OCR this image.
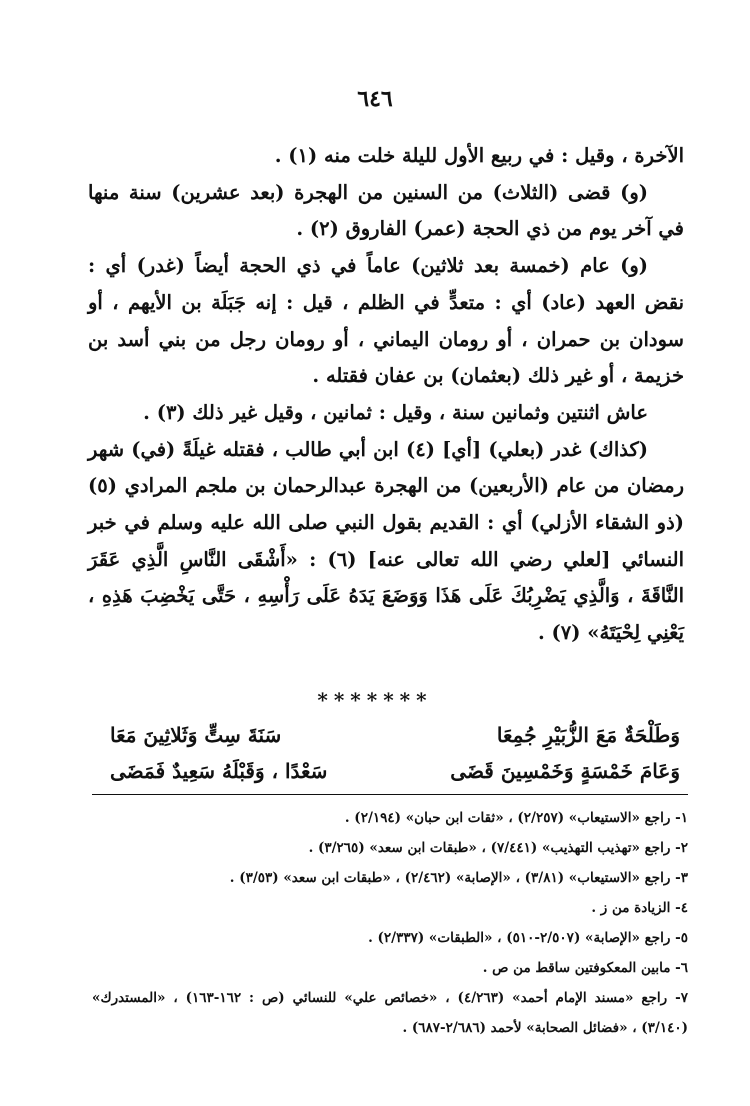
٦٤٦

الآخرة ، وقيل : في ربيع الأول لليلة خلت منه (١) .

(و) قضى (الثلاث) من السنين من الهجرة (بعد عشرين) سنة منها في آخر يوم من ذي الحجة (عمر) الفاروق (٢) .

(و) عام (خمسة بعد ثلاثين) عاماً في ذي الحجة أيضاً (غدر) أي : نقض العهد (عاد) أي : متعدٍّ في الظلم ، قيل : إنه جَبَلَة بن الأيهم ، أو سودان بن حمران ، أو رومان اليماني ، أو رومان رجل من بني أسد بن خزيمة ، أو غير ذلك (بعثمان) بن عفان فقتله .

عاش اثنتين وثمانين سنة ، وقيل : ثمانين ، وقيل غير ذلك (٣) .

(كذاك) غدر (بعلي) [أي] (٤) ابن أبي طالب ، فقتله غيلَةً (في) شهر رمضان من عام (الأربعين) من الهجرة عبدالرحمان بن ملجم المرادي (٥) (ذو الشقاء الأزلي) أي : القديم بقول النبي صلى الله عليه وسلم في خبر النسائي [لعلي رضي الله تعالى عنه] (٦) : «أَشْقَى النَّاسِ الَّذِي عَقَرَ النَّاقَةَ ، وَالَّذِي يَضْرِبُكَ عَلَى هَذَا وَوَضَعَ يَدَهُ عَلَى رَأْسِهِ ، حَتَّى يَخْضِبَ هَذِهِ ، يَعْنِي لِحْيَتَهُ» (٧) .

*******
وَطَلْحَةٌ مَعَ الزُّبَيْرِ جُمِعَا
سَنَةَ سِتٍّ وَثَلاثِينَ مَعَا
وَعَامَ خَمْسَةٍ وَخَمْسِينَ قَضَى
سَعْدًا ، وَقَبْلَهُ سَعِيدٌ فَمَضَى
١- راجع «الاستيعاب» (٢/٢٥٧) ، «ثقات ابن حبان» (٢/١٩٤) .
٢- راجع «تهذيب التهذيب» (٧/٤٤١) ، «طبقات ابن سعد» (٣/٢٦٥) .
٣- راجع «الاستيعاب» (٣/٨١) ، «الإصابة» (٢/٤٦٢) ، «طبقات ابن سعد» (٣/٥٣) .
٤- الزيادة من ز .
٥- راجع «الإصابة» (٢/٥٠٧-٥١٠) ، «الطبقات» (٢/٣٣٧) .
٦- مابين المعكوفتين ساقط من ص .
٧- راجع «مسند الإمام أحمد» (٤/٢٦٣) ، «خصائص علي» للنسائي (ص : ١٦٢-١٦٣) ، «المستدرك» (٣/١٤٠) ، «فضائل الصحابة» لأحمد (٢/٦٨٦-٦٨٧) .
